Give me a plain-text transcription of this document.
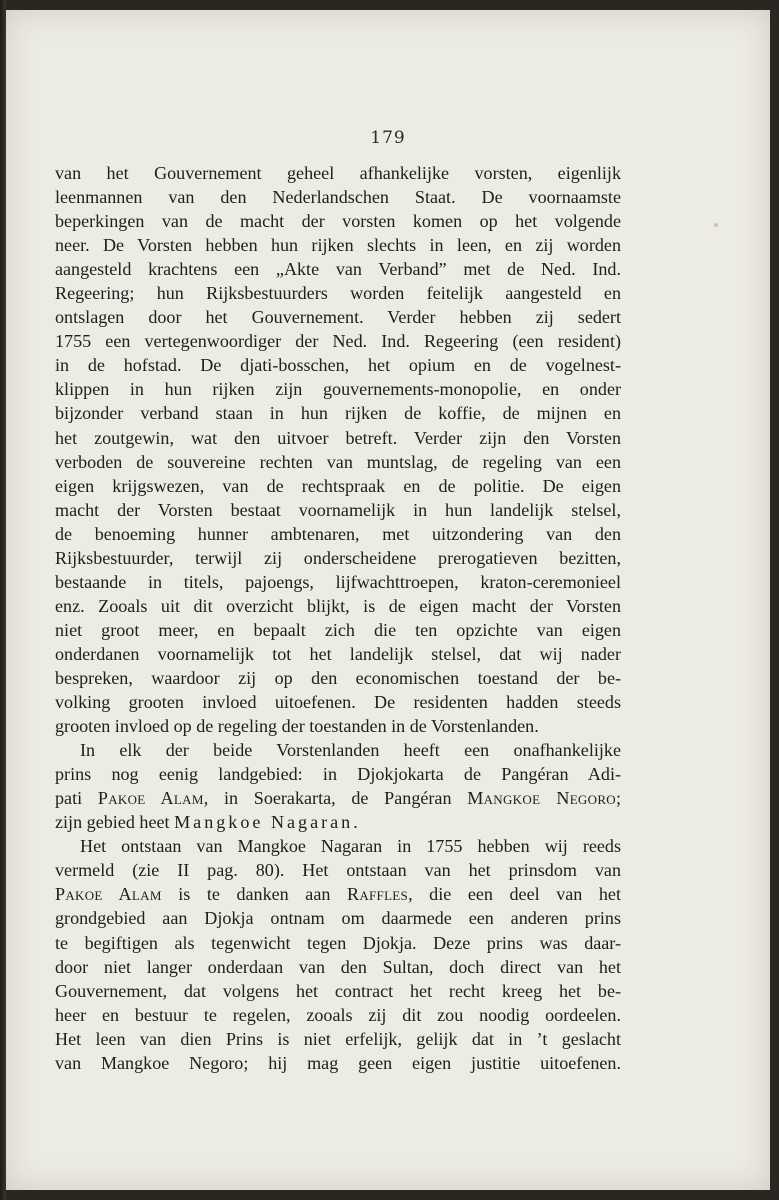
179
van het Gouvernement geheel afhankelijke vorsten, eigenlijk
leenmannen van den Nederlandschen Staat. De voornaamste
beperkingen van de macht der vorsten komen op het volgende
neer. De Vorsten hebben hun rijken slechts in leen, en zij worden
aangesteld krachtens een „Akte van Verband” met de Ned. Ind.
Regeering; hun Rijksbestuurders worden feitelijk aangesteld en
ontslagen door het Gouvernement. Verder hebben zij sedert
1755 een vertegenwoordiger der Ned. Ind. Regeering (een resident)
in de hofstad. De djati-bosschen, het opium en de vogelnest-
klippen in hun rijken zijn gouvernements-monopolie, en onder
bijzonder verband staan in hun rijken de koffie, de mijnen en
het zoutgewin, wat den uitvoer betreft. Verder zijn den Vorsten
verboden de souvereine rechten van muntslag, de regeling van een
eigen krijgswezen, van de rechtspraak en de politie. De eigen
macht der Vorsten bestaat voornamelijk in hun landelijk stelsel,
de benoeming hunner ambtenaren, met uitzondering van den
Rijksbestuurder, terwijl zij onderscheidene prerogatieven bezitten,
bestaande in titels, pajoengs, lijfwachttroepen, kraton-ceremonieel
enz. Zooals uit dit overzicht blijkt, is de eigen macht der Vorsten
niet groot meer, en bepaalt zich die ten opzichte van eigen
onderdanen voornamelijk tot het landelijk stelsel, dat wij nader
bespreken, waardoor zij op den economischen toestand der be-
volking grooten invloed uitoefenen. De residenten hadden steeds
grooten invloed op de regeling der toestanden in de Vorstenlanden.
In elk der beide Vorstenlanden heeft een onafhankelijke
prins nog eenig landgebied: in Djokjokarta de Pangéran Adi-
pati Pakoe Alam, in Soerakarta, de Pangéran Mangkoe Negoro;
zijn gebied heet Mangkoe Nagaran.
Het ontstaan van Mangkoe Nagaran in 1755 hebben wij reeds
vermeld (zie II pag. 80). Het ontstaan van het prinsdom van
Pakoe Alam is te danken aan Raffles, die een deel van het
grondgebied aan Djokja ontnam om daarmede een anderen prins
te begiftigen als tegenwicht tegen Djokja. Deze prins was daar-
door niet langer onderdaan van den Sultan, doch direct van het
Gouvernement, dat volgens het contract het recht kreeg het be-
heer en bestuur te regelen, zooals zij dit zou noodig oordeelen.
Het leen van dien Prins is niet erfelijk, gelijk dat in ’t geslacht
van Mangkoe Negoro; hij mag geen eigen justitie uitoefenen.
